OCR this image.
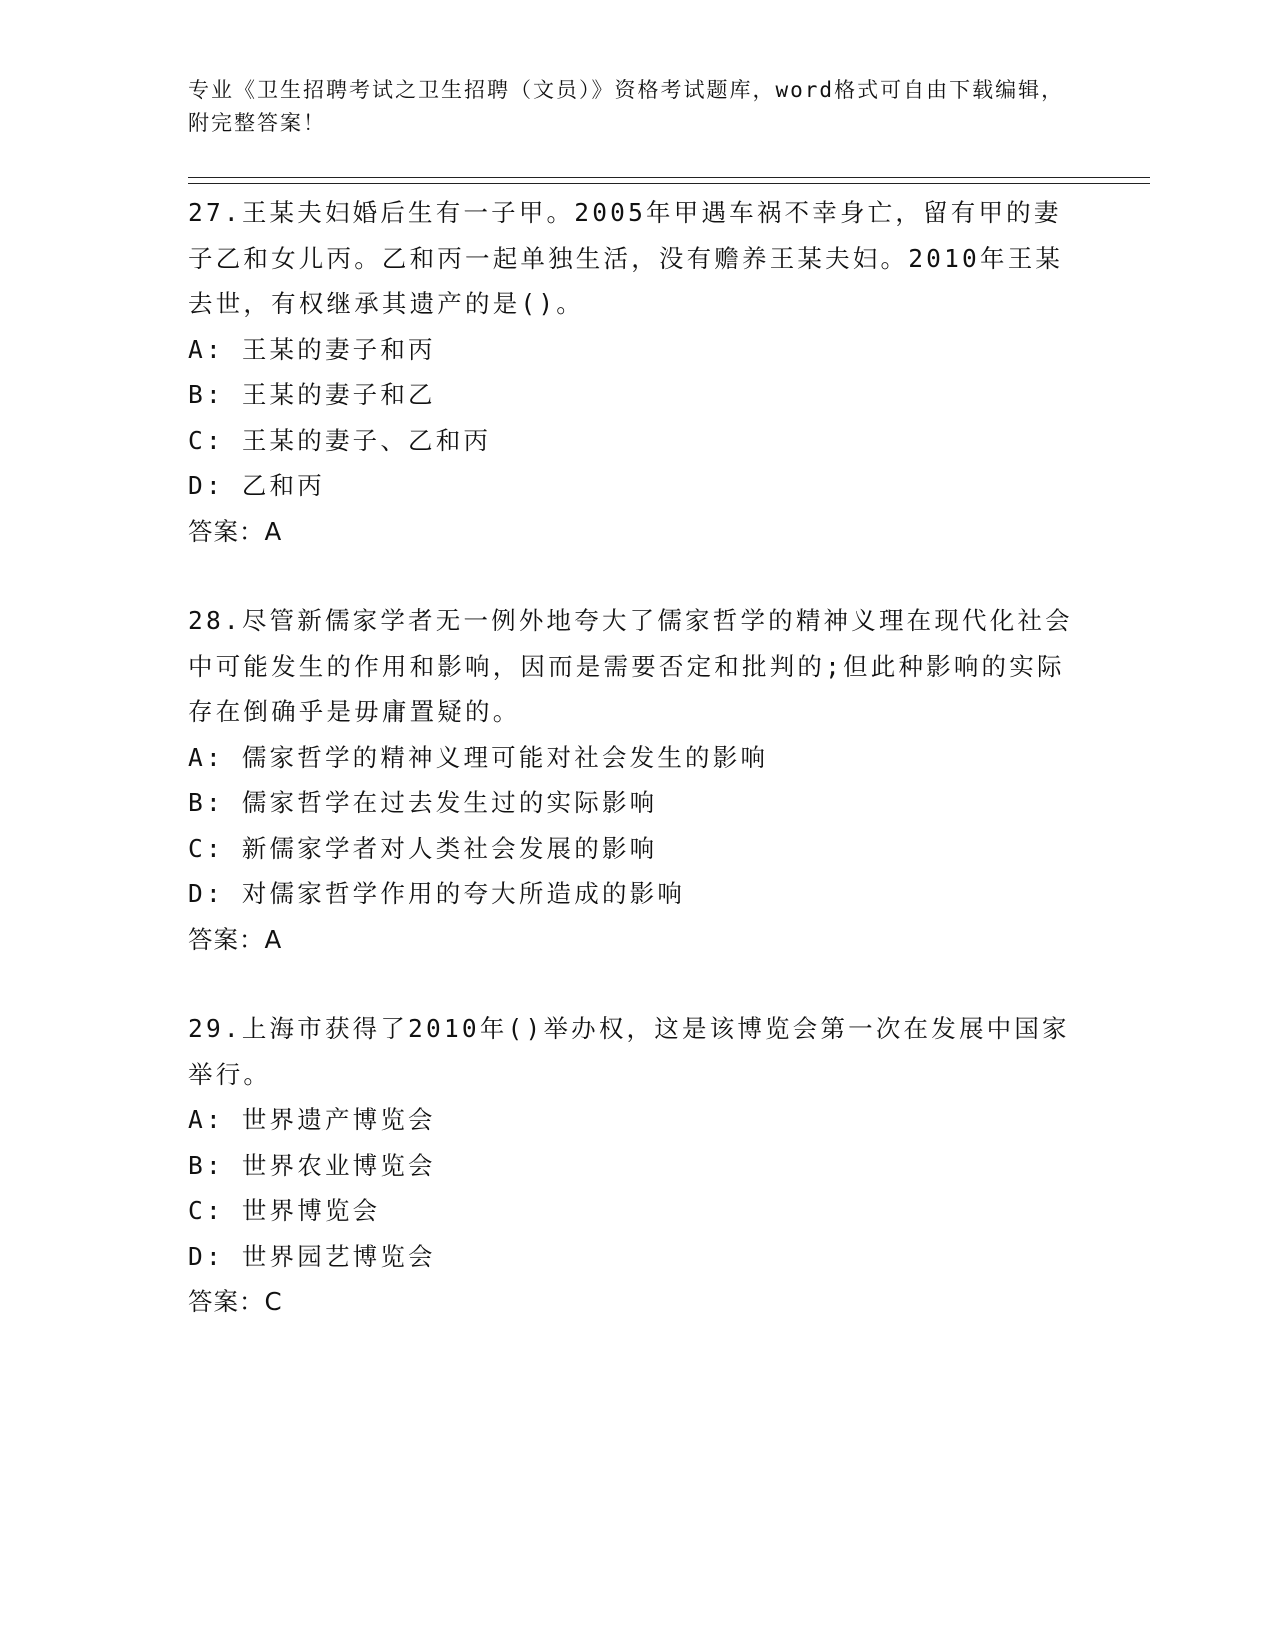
专业《卫生招聘考试之卫生招聘（文员）》资格考试题库，word格式可自由下载编辑，附完整答案！
27.王某夫妇婚后生有一子甲。2005年甲遇车祸不幸身亡，留有甲的妻子乙和女儿丙。乙和丙一起单独生活，没有赡养王某夫妇。2010年王某去世，有权继承其遗产的是()。
A: 王某的妻子和丙
B: 王某的妻子和乙
C: 王某的妻子、乙和丙
D: 乙和丙
答案：A
28.尽管新儒家学者无一例外地夸大了儒家哲学的精神义理在现代化社会中可能发生的作用和影响，因而是需要否定和批判的;但此种影响的实际存在倒确乎是毋庸置疑的。
A: 儒家哲学的精神义理可能对社会发生的影响
B: 儒家哲学在过去发生过的实际影响
C: 新儒家学者对人类社会发展的影响
D: 对儒家哲学作用的夸大所造成的影响
答案：A
29.上海市获得了2010年()举办权，这是该博览会第一次在发展中国家举行。
A: 世界遗产博览会
B: 世界农业博览会
C: 世界博览会
D: 世界园艺博览会
答案：C
